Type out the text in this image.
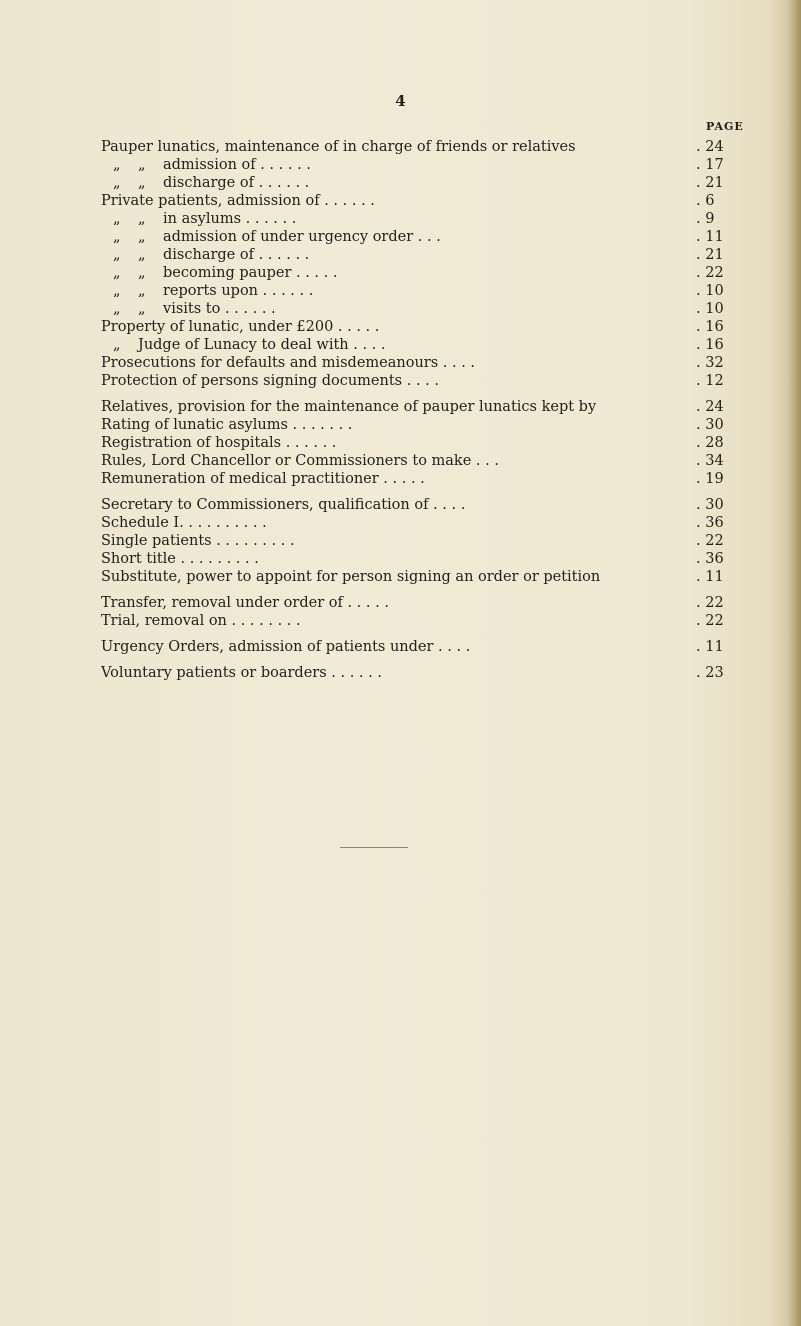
4
PAGE
Pauper lunatics, maintenance of in charge of friends or relatives	. 24
„ „ admission of . . . . . .	. 17
„ „ discharge of . . . . . .	. 21
Private patients, admission of . . . . . .	. 6
„ „ in asylums . . . . . .	. 9
„ „ admission of under urgency order . . .	. 11
„ „ discharge of . . . . . .	. 21
„ „ becoming pauper . . . . .	. 22
„ „ reports upon . . . . . .	. 10
„ „ visits to . . . . . .	. 10
Property of lunatic, under £200 . . . . .	. 16
„ Judge of Lunacy to deal with . . . .	. 16
Prosecutions for defaults and misdemeanours . . . .	. 32
Protection of persons signing documents . . . .	. 12
Relatives, provision for the maintenance of pauper lunatics kept by	. 24
Rating of lunatic asylums . . . . . . .	. 30
Registration of hospitals . . . . . .	. 28
Rules, Lord Chancellor or Commissioners to make . . .	. 34
Remuneration of medical practitioner . . . . .	. 19
Secretary to Commissioners, qualification of . . . .	. 30
Schedule I. . . . . . . . . .	. 36
Single patients . . . . . . . . .	. 22
Short title . . . . . . . . .	. 36
Substitute, power to appoint for person signing an order or petition	. 11
Transfer, removal under order of . . . . .	. 22
Trial, removal on . . . . . . . .	. 22
Urgency Orders, admission of patients under . . . .	. 11
Voluntary patients or boarders . . . . . .	. 23
